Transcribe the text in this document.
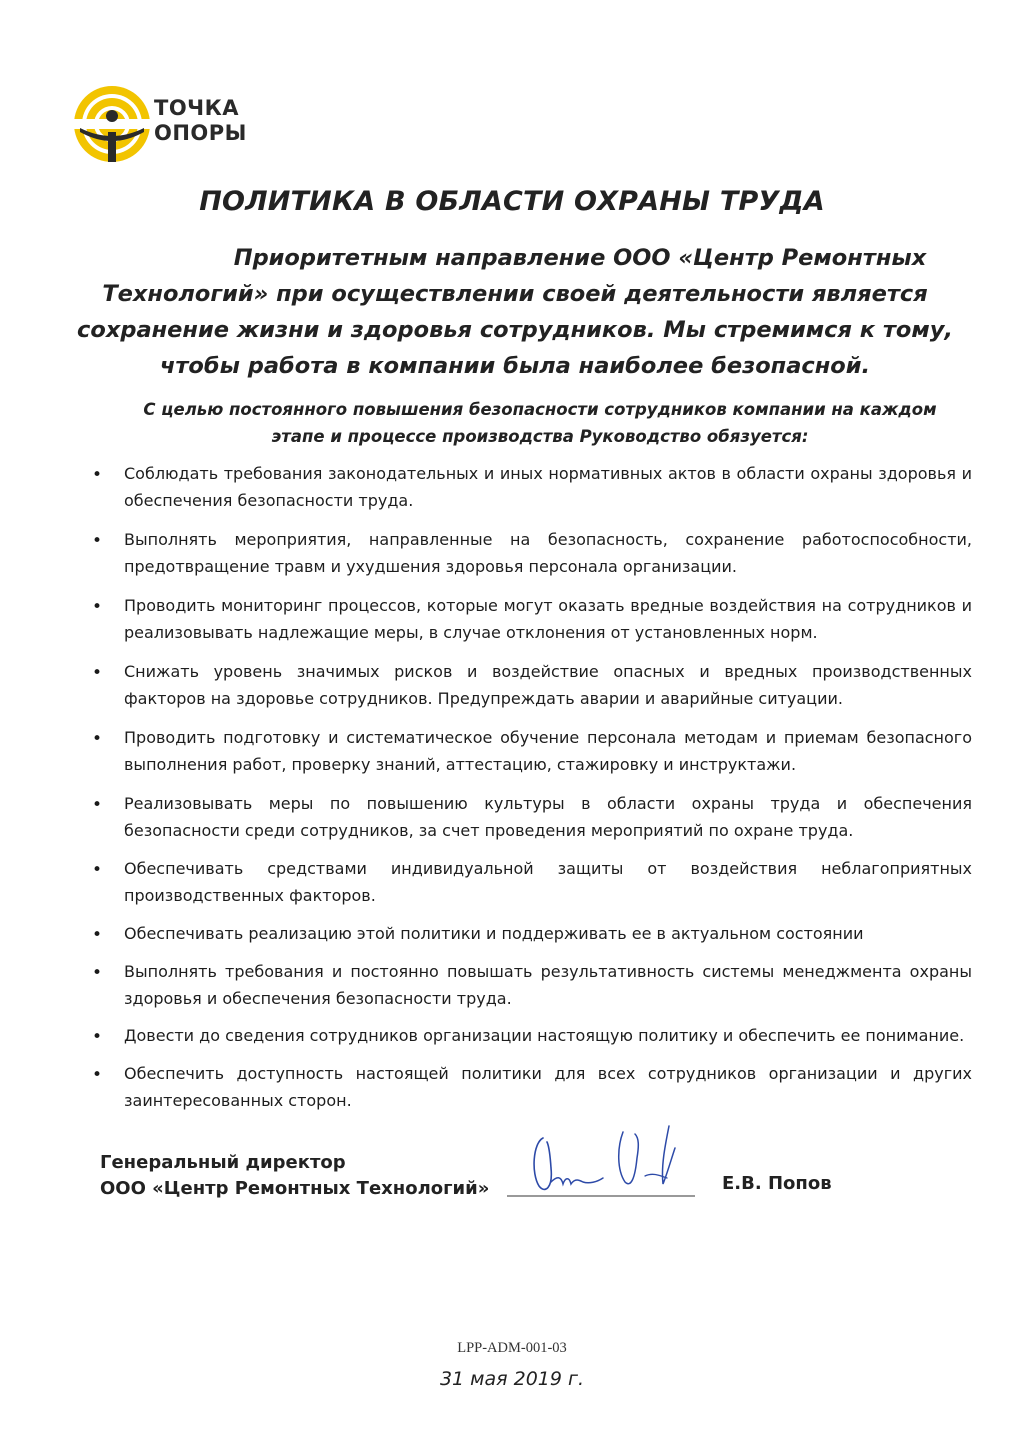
ТОЧКА
ОПОРЫ
ПОЛИТИКА В ОБЛАСТИ ОХРАНЫ ТРУДА
Приоритетным направление ООО «Центр Ремонтных
Технологий» при осуществлении своей деятельности является
сохранение жизни и здоровья сотрудников. Мы стремимся к тому,
чтобы работа в компании была наиболее безопасной.
С целью постоянного повышения безопасности сотрудников компании на каждом
этапе и процессе производства Руководство обязуется:
• Соблюдать требования законодательных и иных нормативных актов в области охраны здоровья и обеспечения безопасности труда.
• Выполнять мероприятия, направленные на безопасность, сохранение работоспособности, предотвращение травм и ухудшения здоровья персонала организации.
• Проводить мониторинг процессов, которые могут оказать вредные воздействия на сотрудников и реализовывать надлежащие меры, в случае отклонения от установленных норм.
• Снижать уровень значимых рисков и воздействие опасных и вредных производственных факторов на здоровье сотрудников. Предупреждать аварии и аварийные ситуации.
• Проводить подготовку и систематическое обучение персонала методам и приемам безопасного выполнения работ, проверку знаний, аттестацию, стажировку и инструктажи.
• Реализовывать меры по повышению культуры в области охраны труда и обеспечения безопасности среди сотрудников, за счет проведения мероприятий по охране труда.
• Обеспечивать средствами индивидуальной защиты от воздействия неблагоприятных производственных факторов.
• Обеспечивать реализацию этой политики и поддерживать ее в актуальном состоянии
• Выполнять требования и постоянно повышать результативность системы менеджмента охраны здоровья и обеспечения безопасности труда.
• Довести до сведения сотрудников организации настоящую политику и обеспечить ее понимание.
• Обеспечить доступность настоящей политики для всех сотрудников организации и других заинтересованных сторон.
Генеральный директор
ООО «Центр Ремонтных Технологий»	Е.В. Попов
LPP-ADM-001-03
31 мая 2019 г.
